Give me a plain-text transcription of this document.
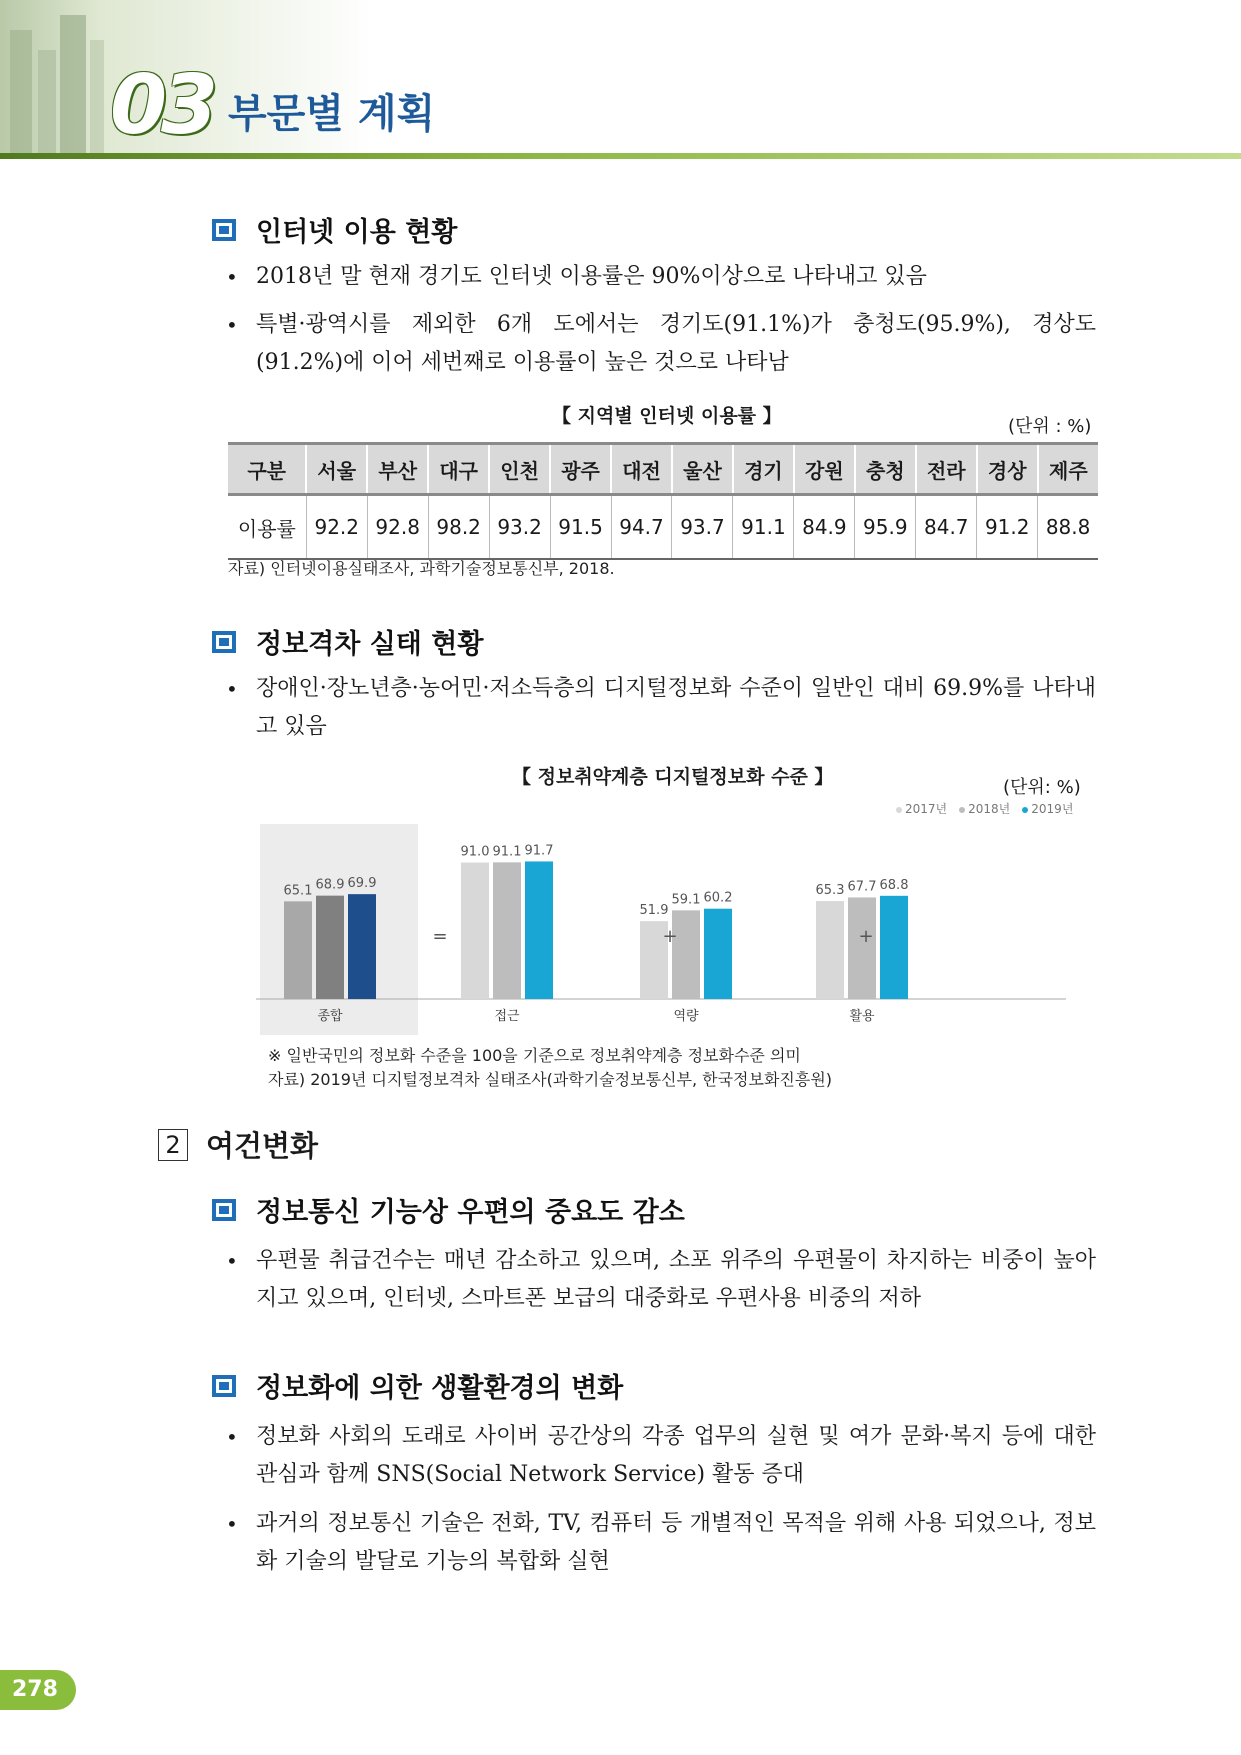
03 부문별 계획
인터넷 이용 현황
• 2018년 말 현재 경기도 인터넷 이용률은 90%이상으로 나타내고 있음
• 특별·광역시를 제외한 6개 도에서는 경기도(91.1%)가 충청도(95.9%), 경상도 (91.2%)에 이어 세번째로 이용률이 높은 것으로 나타남
【 지역별 인터넷 이용률 】	(단위 : %)
구분	서울	부산	대구	인천	광주	대전	울산	경기	강원	충청	전라	경상	제주
이용률	92.2	92.8	98.2	93.2	91.5	94.7	93.7	91.1	84.9	95.9	84.7	91.2	88.8
자료) 인터넷이용실태조사, 과학기술정보통신부, 2018.
정보격차 실태 현황
• 장애인·장노년층·농어민·저소득층의 디지털정보화 수준이 일반인 대비 69.9%를 나타내고 있음
【 정보취약계층 디지털정보화 수준 】	(단위: %)
2017년	2018년	2019년
65.1 68.9 69.9
종합
91.0 91.1 91.7
접근
51.9
59.1 60.2
역량
65.3 67.7 68.8
활용
=	+	+
※ 일반국민의 정보화 수준을 100을 기준으로 정보취약계층 정보화수준 의미
자료) 2019년 디지털정보격차 실태조사(과학기술정보통신부, 한국정보화진흥원)
2 여건변화
정보통신 기능상 우편의 중요도 감소
• 우편물 취급건수는 매년 감소하고 있으며, 소포 위주의 우편물이 차지하는 비중이 높아지고 있으며, 인터넷, 스마트폰 보급의 대중화로 우편사용 비중의 저하
정보화에 의한 생활환경의 변화
• 정보화 사회의 도래로 사이버 공간상의 각종 업무의 실현 및 여가 문화·복지 등에 대한 관심과 함께 SNS(Social Network Service) 활동 증대
• 과거의 정보통신 기술은 전화, TV, 컴퓨터 등 개별적인 목적을 위해 사용 되었으나, 정보화 기술의 발달로 기능의 복합화 실현
278
